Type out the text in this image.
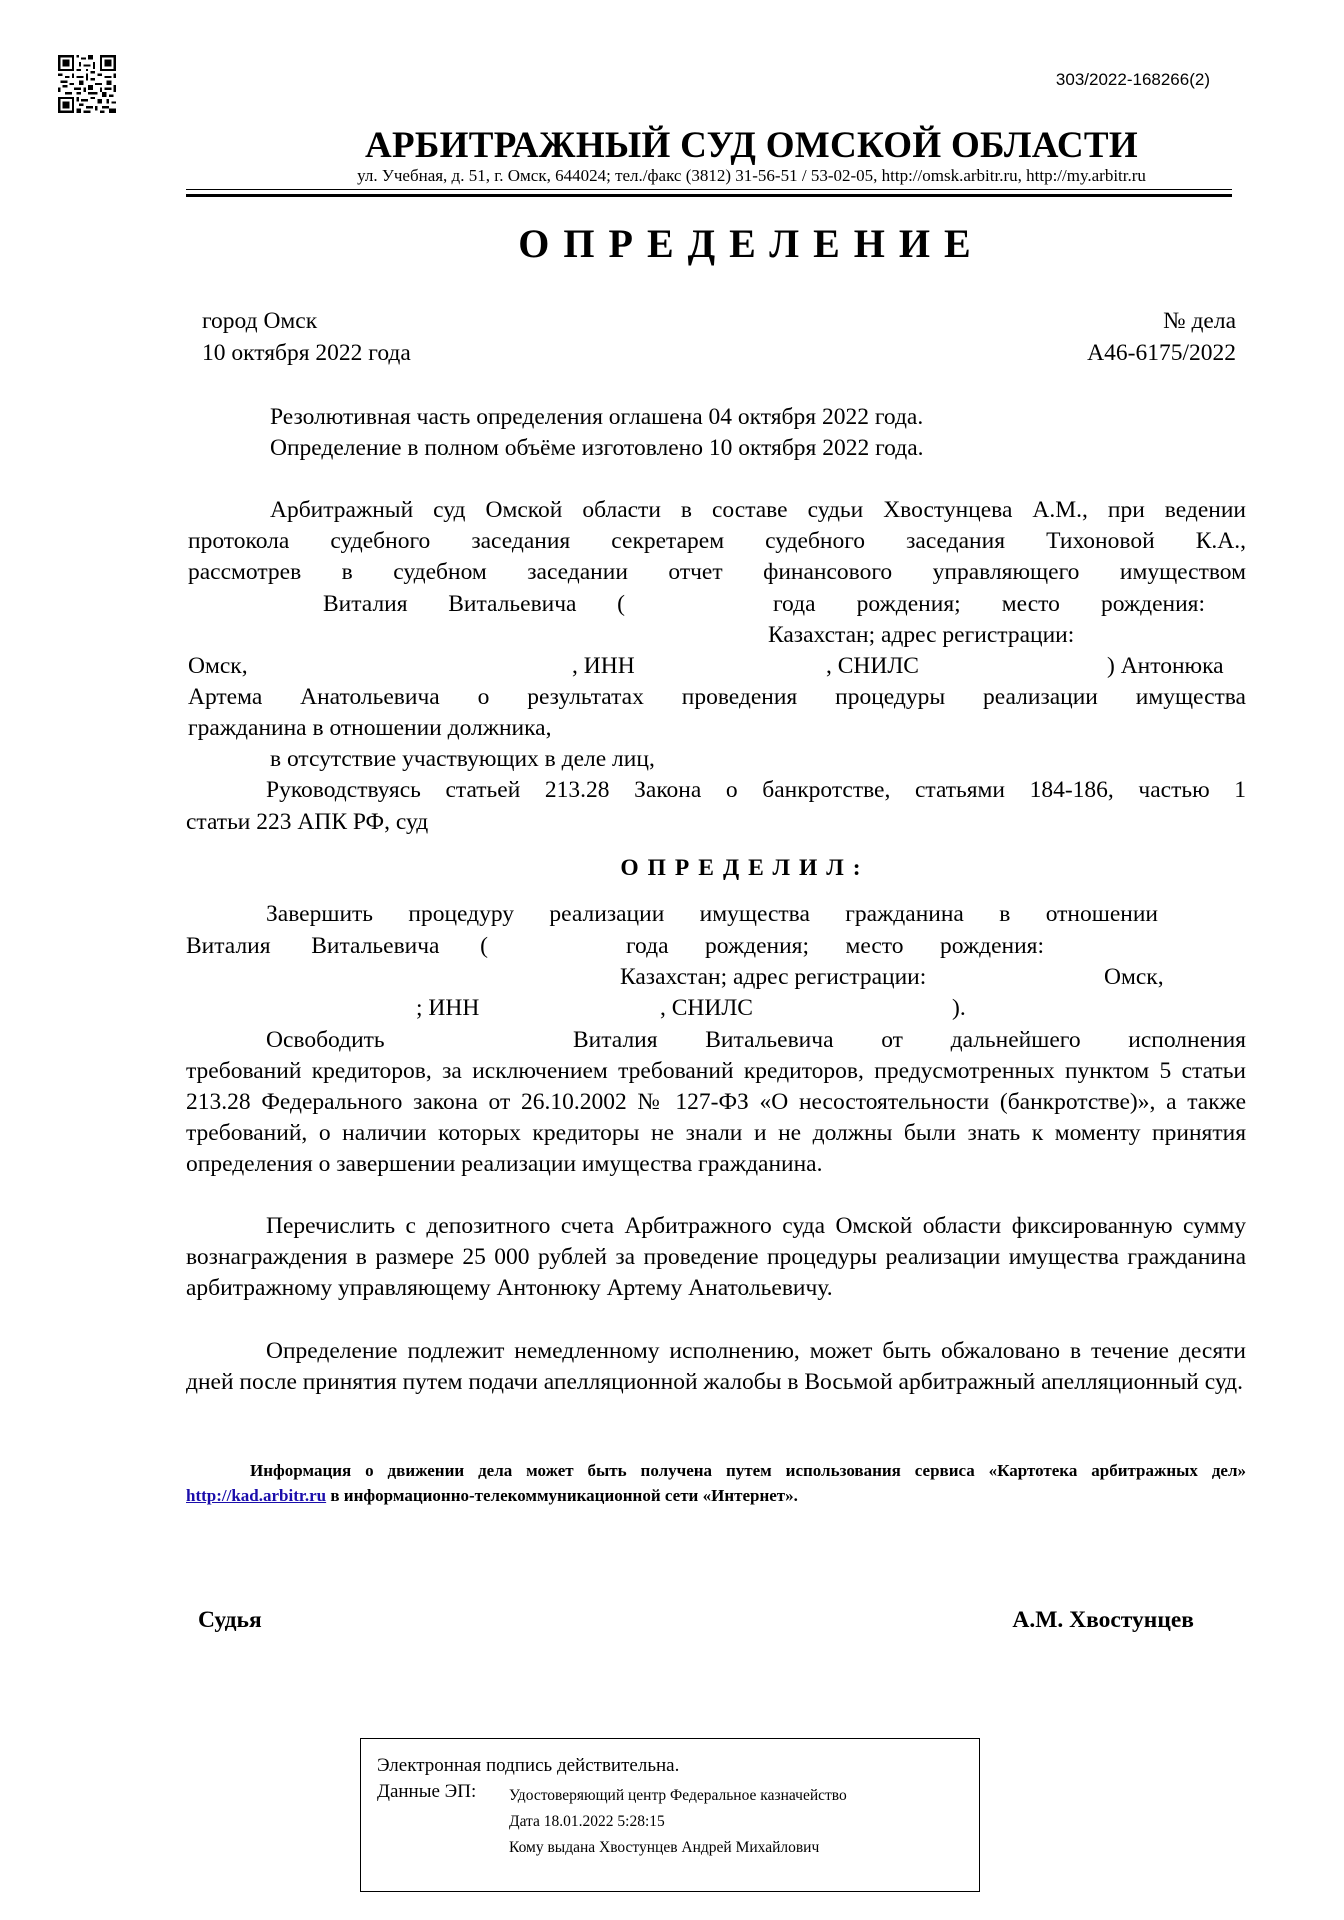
303/2022-168266(2)
АРБИТРАЖНЫЙ СУД ОМСКОЙ ОБЛАСТИ
ул. Учебная, д. 51, г. Омск, 644024; тел./факс (3812) 31-56-51 / 53-02-05, http://omsk.arbitr.ru, http://my.arbitr.ru
ОПРЕДЕЛЕНИЕ
город Омск
10 октября 2022 года
№ дела
А46-6175/2022
Резолютивная часть определения оглашена 04 октября 2022 года.
Определение в полном объёме изготовлено 10 октября 2022 года.
Арбитражный суд Омской области в составе судьи Хвостунцева А.М., при ведении
протокола судебного заседания секретарем судебного заседания Тихоновой К.А.,
рассмотрев в судебном заседании отчет финансового управляющего имуществом
Виталия Витальевича (	года рождения; место рождения:
Казахстан; адрес регистрации:
Омск,	, ИНН	, СНИЛС	) Антонюка
Артема Анатольевича о результатах проведения процедуры реализации имущества
гражданина в отношении должника,
в отсутствие участвующих в деле лиц,
Руководствуясь статьей 213.28 Закона о банкротстве, статьями 184-186, частью 1
статьи 223 АПК РФ, суд
ОПРЕДЕЛИЛ:
Завершить процедуру реализации имущества гражданина в отношении
Виталия Витальевича (	года рождения; место рождения:
Казахстан; адрес регистрации:	Омск,
; ИНН	, СНИЛС	).
Освободить	Виталия Витальевича от дальнейшего исполнения
требований кредиторов, за исключением требований кредиторов, предусмотренных пунктом 5 статьи 213.28 Федерального закона от 26.10.2002 № 127-ФЗ «О несостоятельности (банкротстве)», а также требований, о наличии которых кредиторы не знали и не должны были знать к моменту принятия определения о завершении реализации имущества гражданина.
Перечислить с депозитного счета Арбитражного суда Омской области фиксированную сумму вознаграждения в размере 25 000 рублей за проведение процедуры реализации имущества гражданина арбитражному управляющему Антонюку Артему Анатольевичу.
Определение подлежит немедленному исполнению, может быть обжаловано в течение десяти дней после принятия путем подачи апелляционной жалобы в Восьмой арбитражный апелляционный суд.
Информация о движении дела может быть получена путем использования сервиса «Картотека арбитражных дел» http://kad.arbitr.ru в информационно-телекоммуникационной сети «Интернет».
Судья	А.М. Хвостунцев
Электронная подпись действительна.
Данные ЭП: Удостоверяющий центр Федеральное казначейство
Дата 18.01.2022 5:28:15
Кому выдана Хвостунцев Андрей Михайлович
